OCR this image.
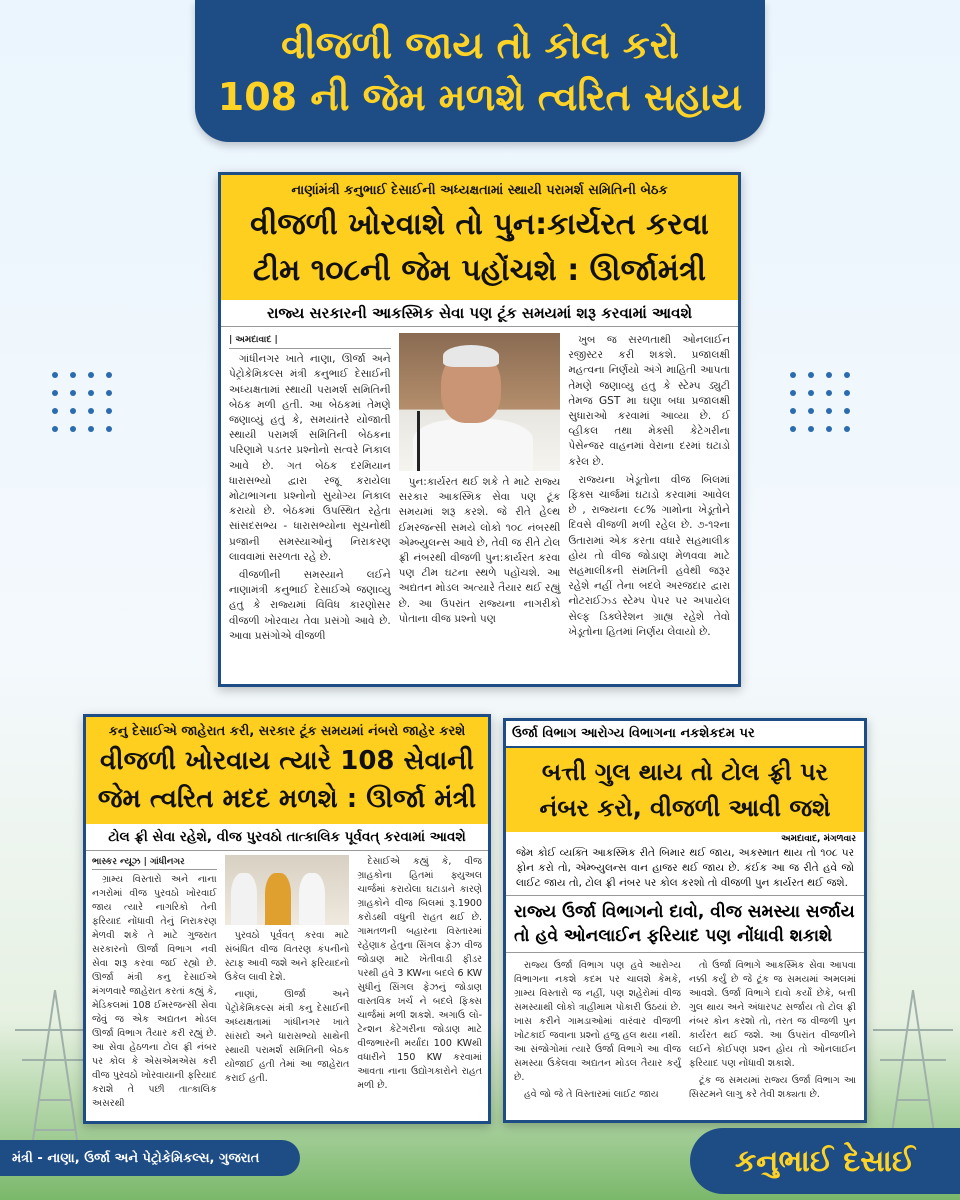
વીજળી જાય તો કોલ કરો
108 ની જેમ મળશે ત્વરિત સહાય
નાણાંમંત્રી કનુભાઈ દેસાઈની અધ્યક્ષતામાં સ્થાયી પરામર્શ સમિતિની બેઠક
વીજળી ખોરવાશે તો પુન:કાર્યરત કરવા
ટીમ ૧૦૮ની જેમ પહોંચશે : ઊર્જામંત્રી
રાજ્ય સરકારની આકસ્મિક સેવા પણ ટૂંક સમયમાં શરૂ કરવામાં આવશે

| અમદાવાદ |

ગાંધીનગર ખાતે નાણા, ઊર્જા અને પેટ્રોકેમિકલ્સ મંત્રી કનુભાઈ દેસાઈની અધ્યક્ષતામાં સ્થાયી પરામર્શ સમિતિની બેઠક મળી હતી. આ બેઠકમાં તેમણે જણાવ્યું હતું કે, સમયાંતરે યોજાતી સ્થાયી પરામર્શ સમિતિની બેઠકના પરિણામે પડતર પ્રશ્નોનો સત્વરે નિકાલ આવે છે. ગત બેઠક દરમિયાન ધારાસભ્યો દ્વારા રજૂ કરાયેલા મોટાભાગના પ્રશ્નોનો સુયોગ્ય નિકાલ કરાયો છે. બેઠકમાં ઉપસ્થિત રહેતા સાંસદસભ્ય - ધારાસભ્યોના સૂચનોથી પ્રજાની સમસ્યાઓનું નિરાકરણ લાવવામાં સરળતા રહે છે.

વીજળીની સમસ્યાને લઈને નાણામંત્રી કનુભાઈ દેસાઈએ જણાવ્યુ હતુ કે રાજ્યમાં વિવિધ કારણોસર વીજળી ખોરવાય તેવા પ્રસંગો આવે છે. આવા પ્રસંગોએ વીજળી

પુન:કાર્યરત થઈ શકે તે માટે રાજ્ય સરકાર આકસ્મિક સેવા પણ ટૂંક સમયમાં શરૂ કરશે. જે રીતે હેલ્થ ઈમરજન્સી સમયે લોકો ૧૦૮ નંબરથી એમ્બ્યુલન્સ આવે છે, તેવી જ રીતે ટોલ ફ્રી નંબરથી વીજળી પુન:કાર્યરત કરવા પણ ટીમ ઘટના સ્થળે પહોંચશે. આ અદ્યતન મોડલ અત્યારે તૈયાર થઈ રહ્યું છે. આ ઉપરાંત રાજ્યના નાગરીકો પોતાના વીજ પ્રશ્નો પણ

ખુબ જ સરળતાથી ઓનલાઈન રજીસ્ટર કરી શકશે. પ્રજાલક્ષી મહત્વના નિર્ણયો અંગે માહિતી આપતા તેમણે જણાવ્યુ હતુ કે સ્ટેમ્પ ડ્યુટી તેમજ GST મા ઘણા બધા પ્રજાલક્ષી સુધારાઓ કરવામાં આવ્યા છે. ઈ વ્હીકલ તથા મેક્સી કેટેગરીના પેસેન્જર વાહનમાં વેરાના દરમાં ઘટાડો કરેલ છે.

રાજ્યના ખેડૂતોના વીજ બિલમાં ફિક્સ ચાર્જમાં ઘટાડો કરવામાં આવેલ છે , રાજ્યના ૯૮% ગામોના ખેડૂતોને દિવસે વીજળી મળી રહેલ છે. ૭-૧૨ના ઉતારામાં એક કરતા વધારે સહમાલીક હોય તો વીજ જોડાણ મેળવવા માટે સહમાલીકની સંમતિની હવેથી જરૂર રહેશે નહીં તેના બદલે અરજદાર દ્વારા નોટરાઈઝ્ડ સ્ટેમ્પ પેપર પર અપાયેલ સેલ્ફ ડિક્લેરેશન ગ્રાહ્ય રહેશે તેવો ખેડૂતોના હિતમાં નિર્ણય લેવાયો છે.

કનુ દેસાઈએ જાહેરાત કરી, સરકાર ટૂંક સમયમાં નંબરો જાહેર કરશે
વીજળી ખોરવાય ત્યારે 108 સેવાની
જેમ ત્વરિત મદદ મળશે : ઊર્જા મંત્રી
ટોલ ફ્રી સેવા રહેશે, વીજ પુરવઠો તાત્કાલિક પૂર્વવત્ કરવામાં આવશે

ભાસ્કર ન્યૂઝ | ગાંધીનગર

ગ્રામ્ય વિસ્તારો અને નાના નગરોમાં વીજ પુરવઠો ખોરવાઈ જાય ત્યારે નાગરિકો તેની ફરિયાદ નોંધાવી તેનું નિરાકરણ મેળવી શકે તે માટે ગુજરાત સરકારનો ઊર્જા વિભાગ નવી સેવા શરૂ કરવા જઈ રહ્યો છે. ઊર્જા મંત્રી કનુ દેસાઈએ મંગળવારે જાહેરાત કરતાં કહ્યું કે, મેડિકલમાં 108 ઈમરજન્સી સેવા જેવું જ એક અદ્યતન મોડલ ઊર્જા વિભાગ તૈયાર કરી રહ્યું છે. આ સેવા હેઠળના ટોલ ફ્રી નંબર પર કોલ કે એસએમએસ કરી વીજ પુરવઠો ખોરવાયાની ફરિયાદ કરાશે તે પછી તાત્કાલિક અસરથી

પુરવઠો પૂર્વવત્ કરવા માટે સંબંધિત વીજ વિતરણ કંપનીનો સ્ટાફ આવી જશે અને ફરિયાદનો ઉકેલ લાવી દેશે.

નાણાં, ઊર્જા અને પેટ્રોકેમિકલ્સ મંત્રી કનુ દેસાઈની અધ્યક્ષતામાં ગાંધીનગર ખાતે સાંસદો અને ધારાસભ્યો સાથેની સ્થાયી પરામર્શ સમિતિની બેઠક યોજાઈ હતી તેમાં આ જાહેરાત કરાઈ હતી.

દેસાઈએ કહ્યું કે, વીજ ગ્રાહકોના હિતમાં ફ્યુઅલ ચાર્જમાં કરાયેલા ઘટાડાને કારણે ગ્રાહકોને વીજ બિલમાં રૂ.1900 કરોડથી વધુની રાહત થઈ છે. ગામતળની બહારના વિસ્તારમાં રહેણાક હેતુના સિંગલ ફેઝ વીજ જોડાણ માટે ખેતીવાડી ફીડર પરથી હવે 3 KWના બદલે 6 KW સુધીનું સિંગલ ફેઝનું જોડાણ વાસ્તવિક ખર્ચ ને બદલે ફિક્સ ચાર્જમાં મળી શકશે. અગાઉ લો-ટેન્શન કેટેગરીના જોડાણ માટે વીજભારની મર્યાદા 100 KWથી વધારીને 150 KW કરવામાં આવતા નાના ઉદ્યોગકારોને રાહત મળી છે.

ઉર્જા વિભાગ આરોગ્ય વિભાગના નકશેકદમ પર
બત્તી ગુલ થાય તો ટોલ ફ્રી પર
નંબર કરો, વીજળી આવી જશે
અમદાવાદ, મંગળવાર
જેમ કોઈ વ્યક્તિ આકસ્મિક રીતે બિમાર થઈ જાય, અકસ્માત થાય તો ૧૦૮ પર ફોન કરો તો, એમ્બ્યુલન્સ વાન હાજર થઈ જાય છે. કંઈક આ જ રીતે હવે જો લાઈટ જાય તો, ટોલ ફ્રી નંબર પર કોલ કરશો તો વીજળી પુન કાર્યરત થઈ જશે.
રાજ્ય ઉર્જા વિભાગનો દાવો, વીજ સમસ્યા સર્જાય તો હવે ઓનલાઈન ફરિયાદ પણ નોંધાવી શકાશે

રાજ્ય ઉર્જા વિભાગ પણ હવે આરોગ્ય વિભાગના નકશે કદમ પર ચાલશે કેમકે, ગ્રામ્ય વિસ્તારો જ નહીં, પણ શહેરોમાં વીજ સમસ્યાથી લોકો ત્રાહીમામ પોકારી ઉઠયાં છે. ખાસ કરીને ગામડાઓમાં વારંવાર વીજળી ખોટકાઈ જવાના પ્રશ્નો હજુ હલ થયા નથી. આ સંજોગોમાં ત્યારે ઉર્જા વિભાગે આ વીજ સમસ્યા ઉકેલવા અદ્યતન મોડલ તૈયાર કર્યું છે.

હવે જો જે તે વિસ્તારમાં લાઈટ જાય

તો ઉર્જા વિભાગે આકસ્મિક સેવા આપવા નક્કી કર્યું છે જે ટૂંક જ સમયમાં અમલમાં આવશે. ઉર્જા વિભાગે દાવો કર્યો છેકે, બત્તી ગુલ થાય અને અંધારપટ સર્જાય તો ટોલ ફ્રી નંબર કોન કરશો તો, તરત જ વીજળી પુન કાર્યરત થઈ જશે. આ ઉપરાંત વીજળીને લઈને કોઈપણ પ્રશ્ન હોય તો ઓનલાઈન ફરિયાદ પણ નોંધાવી શકાશે.

ટૂંક જ સમયમાં રાજ્ય ઉર્જા વિભાગ આ સિસ્ટમને લાગુ કરે તેવી શક્યતા છે.

મંત્રી - નાણા, ઉર્જા અને પેટ્રોકેમિકલ્સ, ગુજરાત	કનુભાઈ દેસાઈ
